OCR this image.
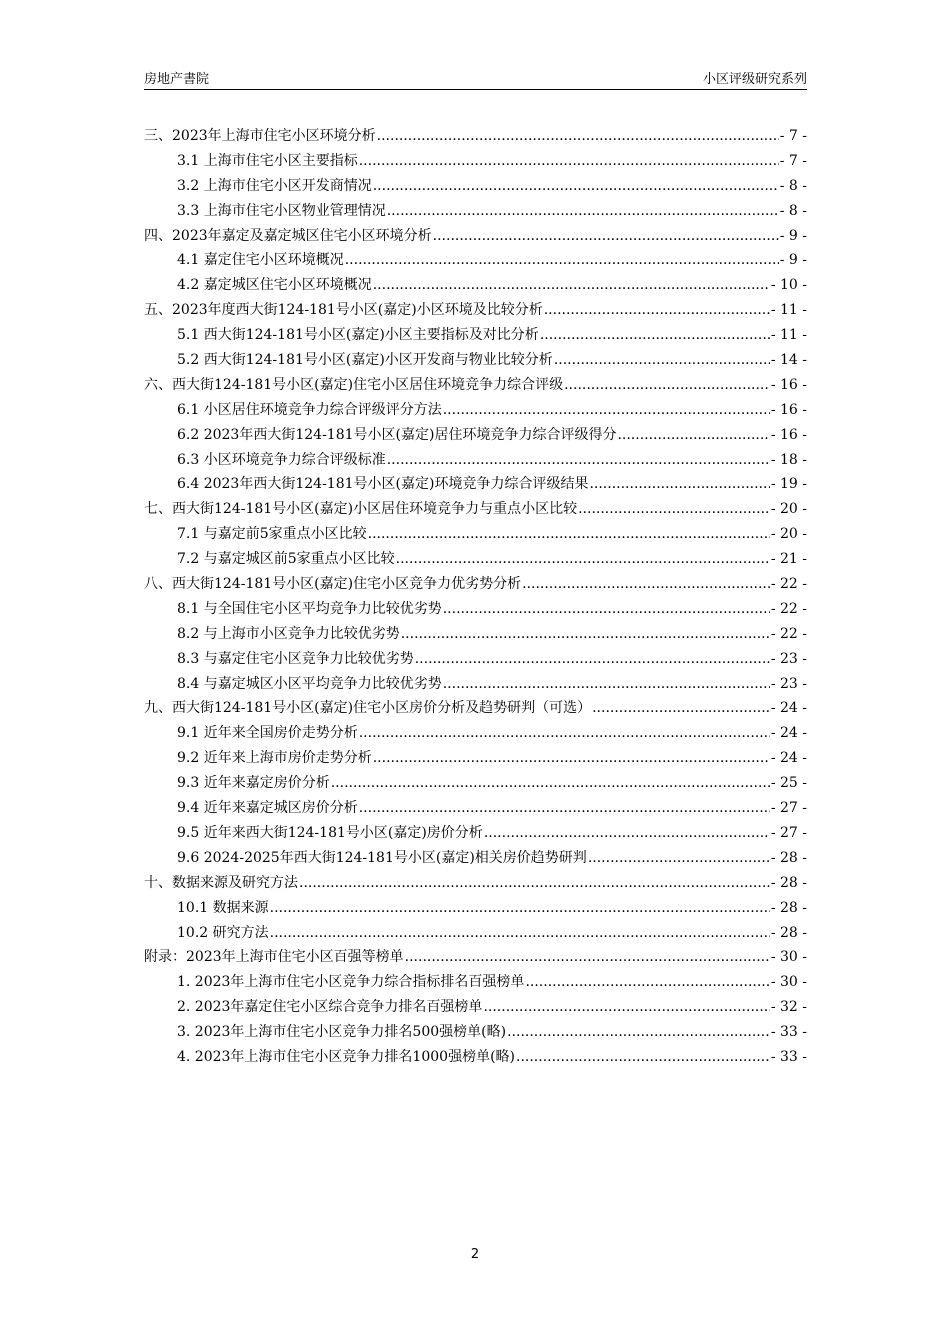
房地产書院	小区评级研究系列
三、2023年上海市住宅小区环境分析 .....	- 7 -
3.1 上海市住宅小区主要指标 .....	- 7 -
3.2 上海市住宅小区开发商情况 .....	- 8 -
3.3 上海市住宅小区物业管理情况 .....	- 8 -
四、2023年嘉定及嘉定城区住宅小区环境分析 .....	- 9 -
4.1 嘉定住宅小区环境概况 .....	- 9 -
4.2 嘉定城区住宅小区环境概况 .....	- 10 -
五、2023年度西大街124-181号小区(嘉定)小区环境及比较分析 .....	- 11 -
5.1 西大街124-181号小区(嘉定)小区主要指标及对比分析 .....	- 11 -
5.2 西大街124-181号小区(嘉定)小区开发商与物业比较分析 .....	- 14 -
六、西大街124-181号小区(嘉定)住宅小区居住环境竞争力综合评级 .....	- 16 -
6.1 小区居住环境竞争力综合评级评分方法 .....	- 16 -
6.2 2023年西大街124-181号小区(嘉定)居住环境竞争力综合评级得分 .....	- 16 -
6.3 小区环境竞争力综合评级标准 .....	- 18 -
6.4 2023年西大街124-181号小区(嘉定)环境竞争力综合评级结果 .....	- 19 -
七、西大街124-181号小区(嘉定)小区居住环境竞争力与重点小区比较 .....	- 20 -
7.1 与嘉定前5家重点小区比较 .....	- 20 -
7.2 与嘉定城区前5家重点小区比较 .....	- 21 -
八、西大街124-181号小区(嘉定)住宅小区竞争力优劣势分析 .....	- 22 -
8.1 与全国住宅小区平均竞争力比较优劣势 .....	- 22 -
8.2 与上海市小区竞争力比较优劣势 .....	- 22 -
8.3 与嘉定住宅小区竞争力比较优劣势 .....	- 23 -
8.4 与嘉定城区小区平均竞争力比较优劣势 .....	- 23 -
九、西大街124-181号小区(嘉定)住宅小区房价分析及趋势研判（可选） .....	- 24 -
9.1 近年来全国房价走势分析 .....	- 24 -
9.2 近年来上海市房价走势分析 .....	- 24 -
9.3 近年来嘉定房价分析 .....	- 25 -
9.4 近年来嘉定城区房价分析 .....	- 27 -
9.5 近年来西大街124-181号小区(嘉定)房价分析 .....	- 27 -
9.6 2024-2025年西大街124-181号小区(嘉定)相关房价趋势研判 .....	- 28 -
十、数据来源及研究方法 .....	- 28 -
10.1 数据来源 .....	- 28 -
10.2 研究方法 .....	- 28 -
附录：2023年上海市住宅小区百强等榜单 .....	- 30 -
1. 2023年上海市住宅小区竞争力综合指标排名百强榜单 .....	- 30 -
2. 2023年嘉定住宅小区综合竞争力排名百强榜单 .....	- 32 -
3. 2023年上海市住宅小区竞争力排名500强榜单(略) .....	- 33 -
4. 2023年上海市住宅小区竞争力排名1000强榜单(略) .....	- 33 -
2
